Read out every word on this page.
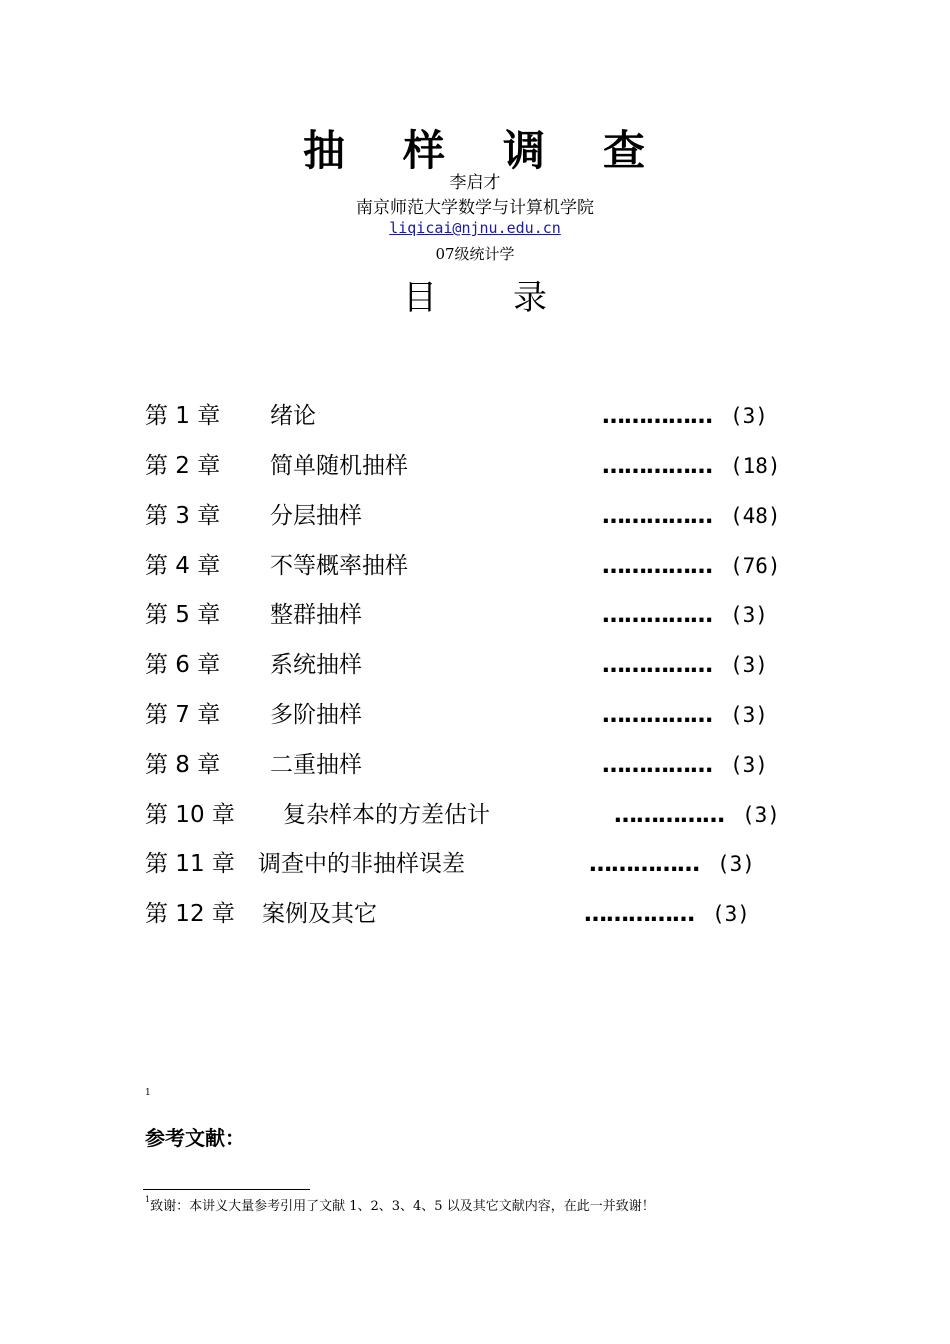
抽 样 调 查
李启才
南京师范大学数学与计算机学院
liqicai@njnu.edu.cn
07级统计学
目 录
第 1 章 绪论	…………… (3)
第 2 章 简单随机抽样	…………… (18)
第 3 章 分层抽样	…………… (48)
第 4 章 不等概率抽样	…………… (76)
第 5 章 整群抽样	…………… (3)
第 6 章 系统抽样	…………… (3)
第 7 章 多阶抽样	…………… (3)
第 8 章 二重抽样	…………… (3)
第 10 章 复杂样本的方差估计	…………… (3)
第 11 章 调查中的非抽样误差	…………… (3)
第 12 章 案例及其它	…………… (3)
1
参考文献：
$^1$致谢：本讲义大量参考引用了文献 1、2、3、4、5 以及其它文献内容，在此一并致谢！
